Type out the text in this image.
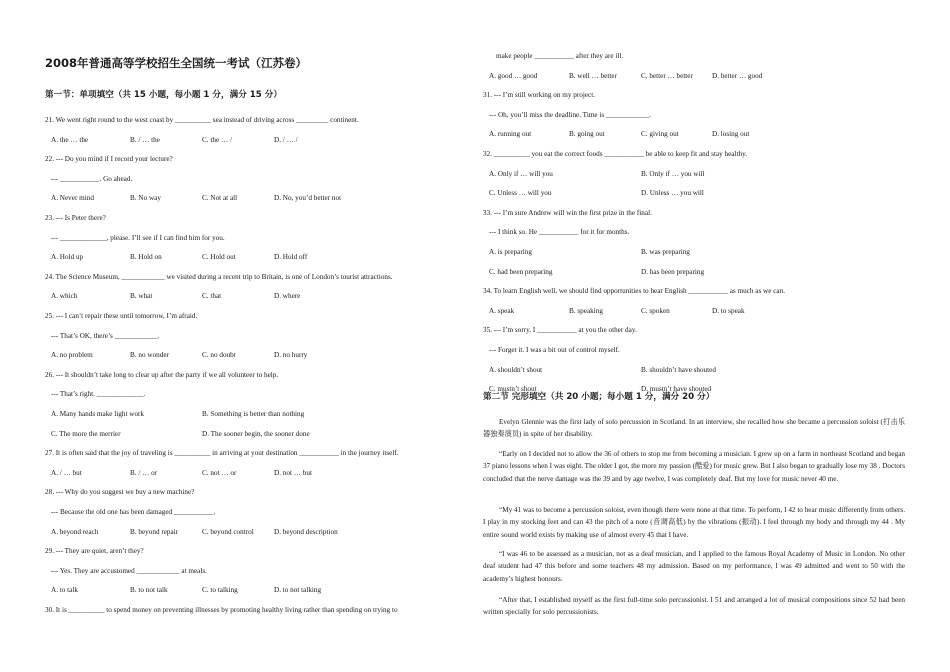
2008年普通高等学校招生全国统一考试（江苏卷）
第一节：单项填空（共 15 小题，每小题 1 分，满分 15 分）
21. We went right round to the west coast by __________ sea instead of driving across _________ continent.
A. the … the	B. / … the	C. the … /	D. / … /
22. --- Do you mind if I record your lecture?
--- ___________. Go ahead.
A. Never mind	B. No way	C. Not at all	D. No, you’d better not
23. --- Is Peter there?
--- _____________, please. I’ll see if I can find him for you.
A. Hold up	B. Hold on	C. Hold out	D. Hold off
24. The Science Museum, ____________ we visited during a recent trip to Britain, is one of London’s tourist attractions.
A. which	B. what	C. that	D. where
25. --- I can’t repair these until tomorrow, I’m afraid.
--- That’s OK, there’s ____________.
A. no problem	B. no wonder	C. no doubt	D. no hurry
26. --- It shouldn’t take long to clear up after the party if we all volunteer to help.
--- That’s right. _____________.
A. Many hands make light work	B. Something is better than nothing
C. The more the merrier	D. The sooner begin, the sooner done
27. It is often said that the joy of traveling is __________ in arriving at your destination ___________ in the journey itself.
A. / … but	B. / … or	C. not … or	D. not … but
28. --- Why do you suggest we buy a new machine?
--- Because the old one has been damaged ___________.
A. beyond reach	B. beyond repair	C. beyond control	D. beyond description
29. --- They are quiet, aren’t they?
--- Yes. They are accustomed ____________ at meals.
A. to talk	B. to not talk	C. to talking	D. to not talking
30. It is __________ to spend money on preventing illnesses by promoting healthy living rather than spending on trying to
make people ___________ after they are ill.
A. good … good	B. well … better	C. better … better	D. better … good
31. --- I’m still working on my project.
--- Oh, you’ll miss the deadline. Time is ____________.
A. running out	B. going out	C. giving out	D. losing out
32. __________ you eat the correct foods ___________ be able to keep fit and stay healthy.
A. Only if … will you	B. Only if … you will
C. Unless … will you	D. Unless … you will
33. --- I’m sure Andrew will win the first prize in the final.
--- I think so. He ___________ for it for months.
A. is preparing	B. was preparing
C. had been preparing	D. has been preparing
34. To learn English well, we should find opportunities to hear English ___________ as much as we can.
A. speak	B. speaking	C. spoken	D. to speak
35. --- I’m sorry. I ___________ at you the other day.
--- Forget it. I was a bit out of control myself.
A. shouldn’t shout	B. shouldn’t have shouted
C. mustn’t shout	D. mustn’t have shouted
第二节 完形填空（共 20 小题；每小题 1 分，满分 20 分）
Evelyn Glennie was the first lady of solo percussion in Scotland. In an interview, she recalled how she became a percussion soloist (打击乐器独奏演员) in spite of her disability.
“Early on I decided not to allow the 36 of others to stop me from becoming a musician. I grew up on a farm in northeast Scotland and began 37 piano lessons when I was eight. The older I got, the more my passion (酷爱) for music grew. But I also began to gradually lose my 38 . Doctors concluded that the nerve damage was the 39 and by age twelve, I was completely deaf. But my love for music never 40 me.
“My 41 was to become a percussion soloist, even though there were none at that time. To perform, I 42 to hear music differently from others. I play in my stocking feet and can 43 the pitch of a note (音调高低) by the vibrations (振动). I feel through my body and through my 44 . My entire sound world exists by making use of almost every 45 that I have.
“I was 46 to be assessed as a musician, not as a deaf musician, and I applied to the famous Royal Academy of Music in London. No other deaf student had 47 this before and some teachers 48 my admission. Based on my performance, I was 49 admitted and went to 50 with the academy’s highest honours.
“After that, I established myself as the first full-time solo percussionist. I 51 and arranged a lot of musical compositions since 52 had been written specially for solo percussionists.
